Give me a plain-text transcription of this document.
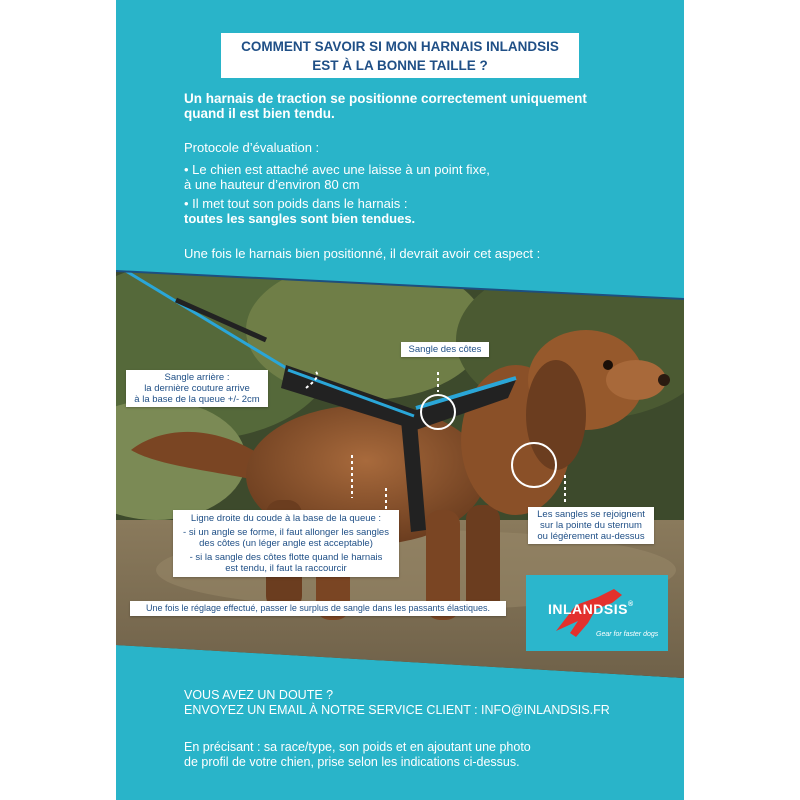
COMMENT SAVOIR SI MON HARNAIS INLANDSIS
EST À LA BONNE TAILLE ?
Un harnais de traction se positionne correctement uniquement
quand il est bien tendu.
Protocole d’évaluation :
• Le chien est attaché avec une laisse à un point fixe,
à une hauteur d’environ 80 cm
• Il met tout son poids dans le harnais :
toutes les sangles sont bien tendues.
Une fois le harnais bien positionné, il devrait avoir cet aspect :
Sangle des côtes
Sangle arrière :
la dernière couture arrive
à la base de la queue +/- 2cm
Ligne droite du coude à la base de la queue :
- si un angle se forme, il faut allonger les sangles
des côtes (un léger angle est acceptable)
- si la sangle des côtes flotte quand le harnais
est tendu, il faut la raccourcir
Les sangles se rejoignent
sur la pointe du sternum
ou légèrement au-dessus
Une fois le réglage effectué, passer le surplus de sangle dans les passants élastiques.	INLANDSIS®
Gear for faster dogs
VOUS AVEZ UN DOUTE ?
ENVOYEZ UN EMAIL À NOTRE SERVICE CLIENT : INFO@INLANDSIS.FR
En précisant : sa race/type, son poids et en ajoutant une photo
de profil de votre chien, prise selon les indications ci-dessus.
